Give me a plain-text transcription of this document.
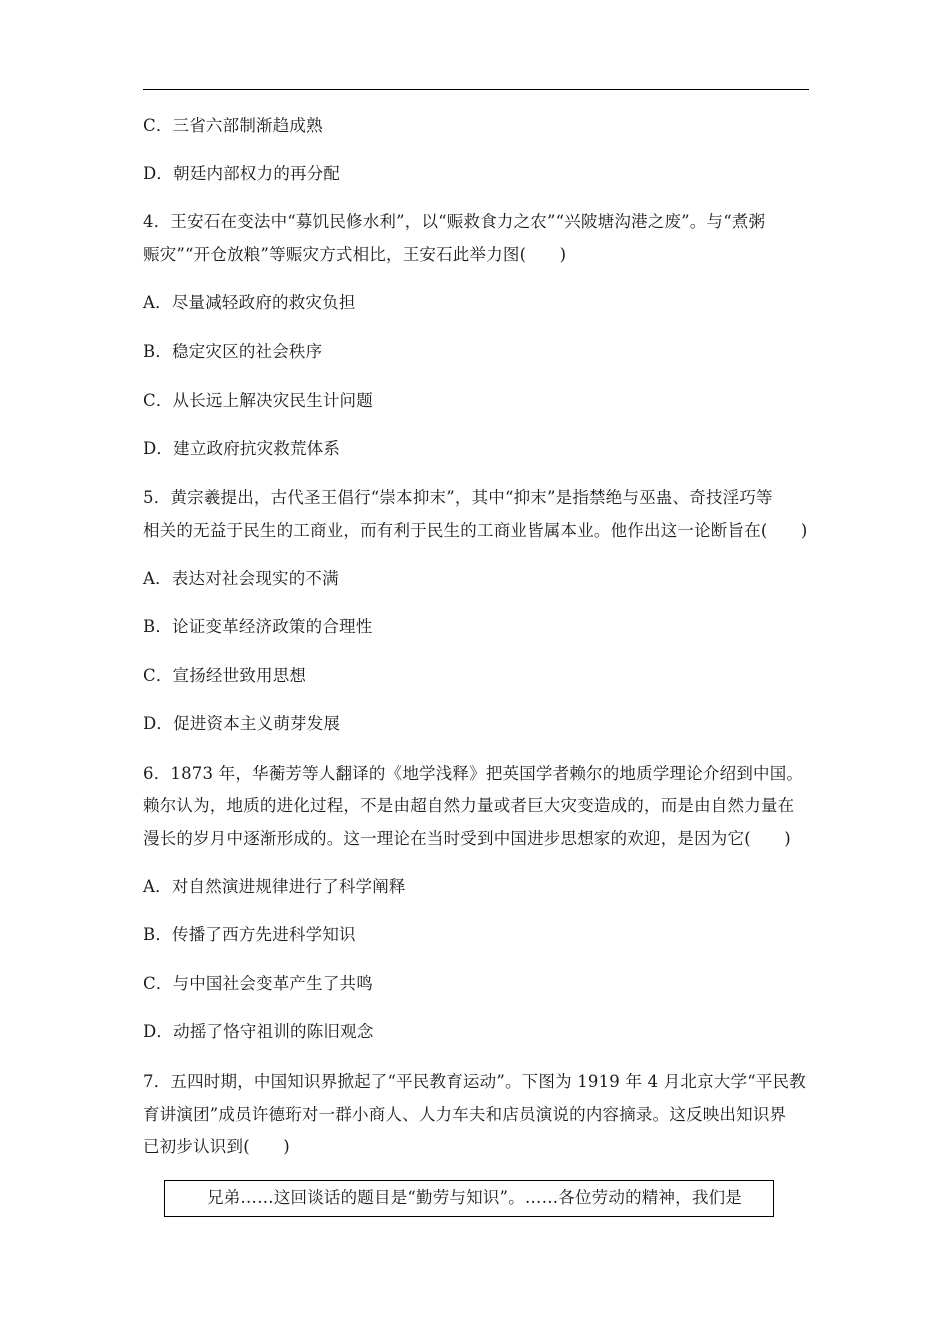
C．三省六部制渐趋成熟
D．朝廷内部权力的再分配
4．王安石在变法中“募饥民修水利”，以“赈救食力之农”“兴陂塘沟港之废”。与“煮粥
赈灾”“开仓放粮”等赈灾方式相比，王安石此举力图(　　)
A．尽量减轻政府的救灾负担
B．稳定灾区的社会秩序
C．从长远上解决灾民生计问题
D．建立政府抗灾救荒体系
5．黄宗羲提出，古代圣王倡行“崇本抑末”，其中“抑末”是指禁绝与巫蛊、奇技淫巧等
相关的无益于民生的工商业，而有利于民生的工商业皆属本业。他作出这一论断旨在(　　)
A．表达对社会现实的不满
B．论证变革经济政策的合理性
C．宣扬经世致用思想
D．促进资本主义萌芽发展
6．1873 年，华蘅芳等人翻译的《地学浅释》把英国学者赖尔的地质学理论介绍到中国。
赖尔认为，地质的进化过程，不是由超自然力量或者巨大灾变造成的，而是由自然力量在
漫长的岁月中逐渐形成的。这一理论在当时受到中国进步思想家的欢迎，是因为它(　　)
A．对自然演进规律进行了科学阐释
B．传播了西方先进科学知识
C．与中国社会变革产生了共鸣
D．动摇了恪守祖训的陈旧观念
7．五四时期，中国知识界掀起了“平民教育运动”。下图为 1919 年 4 月北京大学“平民教
育讲演团”成员许德珩对一群小商人、人力车夫和店员演说的内容摘录。这反映出知识界
已初步认识到(　　)
兄弟……这回谈话的题目是“勤劳与知识”。……各位劳动的精神，我们是
